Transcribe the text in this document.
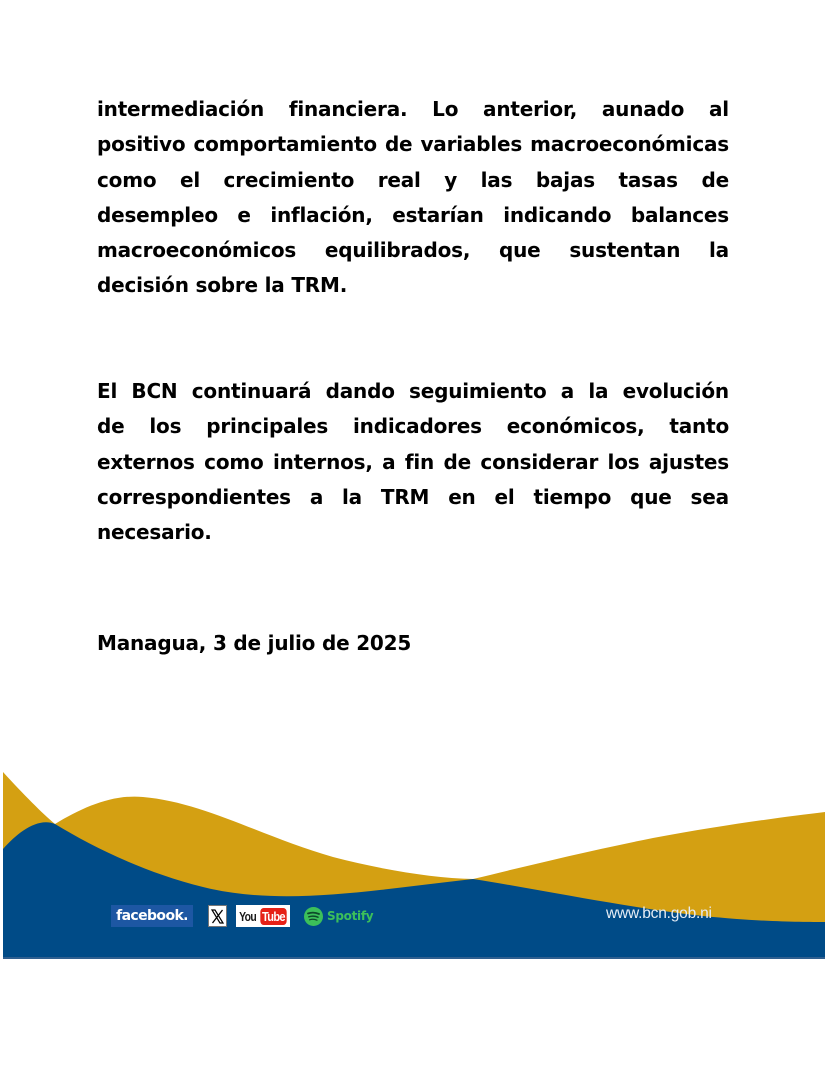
intermediación financiera. Lo anterior, aunado al
positivo comportamiento de variables macroeconómicas
como el crecimiento real y las bajas tasas de
desempleo e inflación, estarían indicando balances
macroeconómicos equilibrados, que sustentan la
decisión sobre la TRM.
El BCN continuará dando seguimiento a la evolución
de los principales indicadores económicos, tanto
externos como internos, a fin de considerar los ajustes
correspondientes a la TRM en el tiempo que sea
necesario.
Managua, 3 de julio de 2025
facebook.	You Tube	Spotify	www.bcn.gob.ni
